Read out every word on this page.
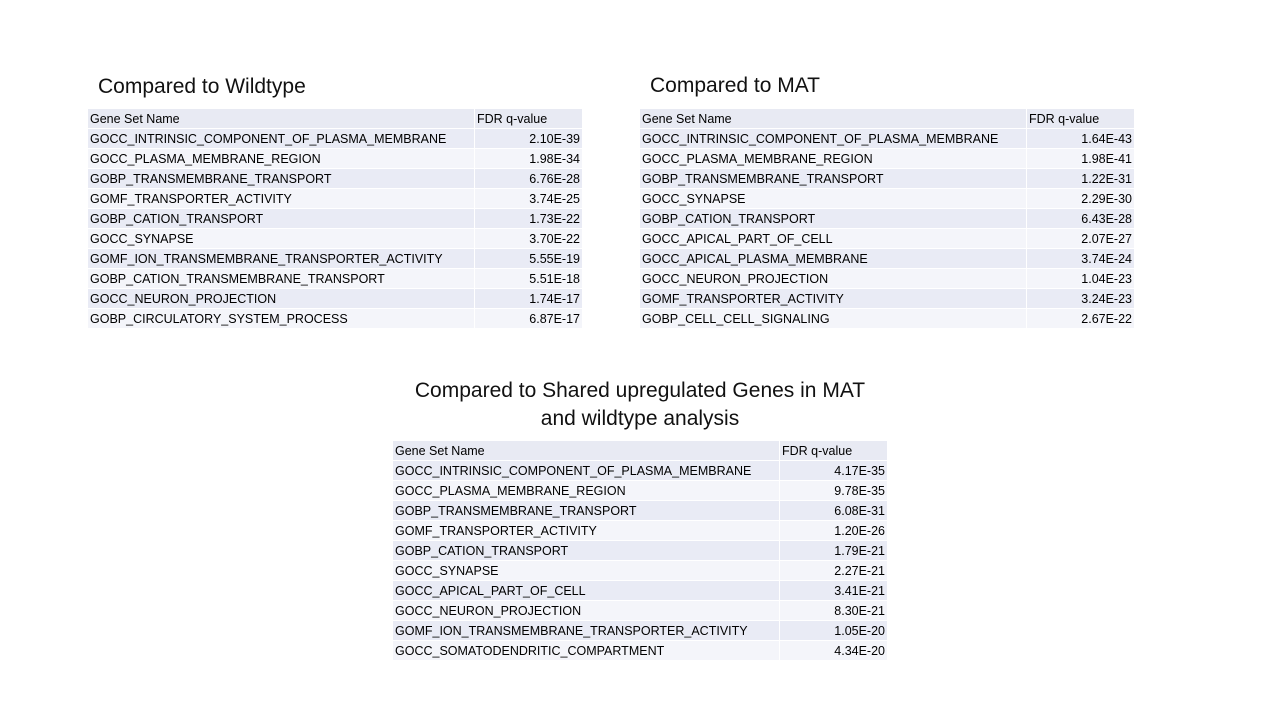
Compared to Wildtype
Gene Set Name	FDR q-value
GOCC_INTRINSIC_COMPONENT_OF_PLASMA_MEMBRANE	2.10E-39
GOCC_PLASMA_MEMBRANE_REGION	1.98E-34
GOBP_TRANSMEMBRANE_TRANSPORT	6.76E-28
GOMF_TRANSPORTER_ACTIVITY	3.74E-25
GOBP_CATION_TRANSPORT	1.73E-22
GOCC_SYNAPSE	3.70E-22
GOMF_ION_TRANSMEMBRANE_TRANSPORTER_ACTIVITY	5.55E-19
GOBP_CATION_TRANSMEMBRANE_TRANSPORT	5.51E-18
GOCC_NEURON_PROJECTION	1.74E-17
GOBP_CIRCULATORY_SYSTEM_PROCESS	6.87E-17
Compared to MAT
Gene Set Name	FDR q-value
GOCC_INTRINSIC_COMPONENT_OF_PLASMA_MEMBRANE	1.64E-43
GOCC_PLASMA_MEMBRANE_REGION	1.98E-41
GOBP_TRANSMEMBRANE_TRANSPORT	1.22E-31
GOCC_SYNAPSE	2.29E-30
GOBP_CATION_TRANSPORT	6.43E-28
GOCC_APICAL_PART_OF_CELL	2.07E-27
GOCC_APICAL_PLASMA_MEMBRANE	3.74E-24
GOCC_NEURON_PROJECTION	1.04E-23
GOMF_TRANSPORTER_ACTIVITY	3.24E-23
GOBP_CELL_CELL_SIGNALING	2.67E-22
Compared to Shared upregulated Genes in MAT
and wildtype analysis
Gene Set Name	FDR q-value
GOCC_INTRINSIC_COMPONENT_OF_PLASMA_MEMBRANE	4.17E-35
GOCC_PLASMA_MEMBRANE_REGION	9.78E-35
GOBP_TRANSMEMBRANE_TRANSPORT	6.08E-31
GOMF_TRANSPORTER_ACTIVITY	1.20E-26
GOBP_CATION_TRANSPORT	1.79E-21
GOCC_SYNAPSE	2.27E-21
GOCC_APICAL_PART_OF_CELL	3.41E-21
GOCC_NEURON_PROJECTION	8.30E-21
GOMF_ION_TRANSMEMBRANE_TRANSPORTER_ACTIVITY	1.05E-20
GOCC_SOMATODENDRITIC_COMPARTMENT	4.34E-20
